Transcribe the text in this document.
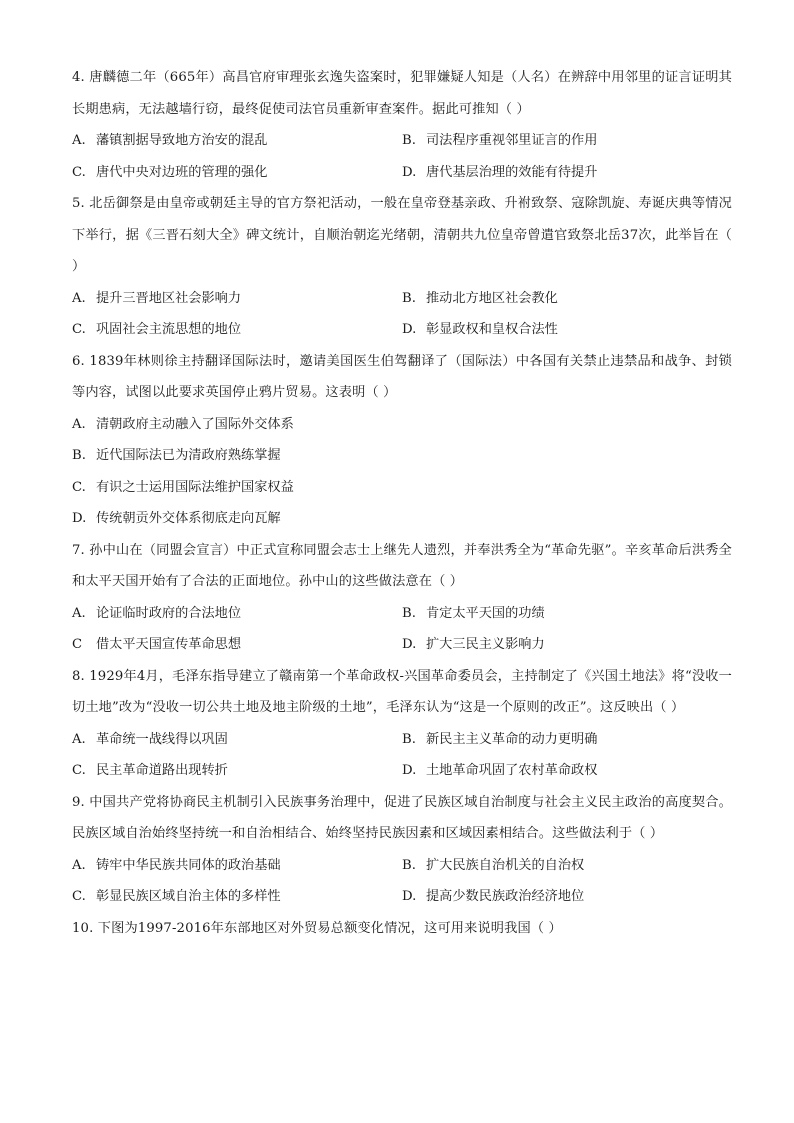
4. 唐麟德二年（665年）高昌官府审理张玄逸失盗案时，犯罪嫌疑人知是（人名）在辨辞中用邻里的证言证明其长期患病，无法越墙行窃，最终促使司法官员重新审查案件。据此可推知（ ）

A. 藩镇割据导致地方治安的混乱	B. 司法程序重视邻里证言的作用
C. 唐代中央对边班的管理的强化	D. 唐代基层治理的效能有待提升

5. 北岳御祭是由皇帝或朝廷主导的官方祭祀活动，一般在皇帝登基亲政、升祔致祭、寇除凯旋、寿诞庆典等情况下举行，据《三晋石刻大全》碑文统计，自顺治朝迄光绪朝，清朝共九位皇帝曾遣官致祭北岳37次，此举旨在（ ）

A. 提升三晋地区社会影响力	B. 推动北方地区社会教化
C. 巩固社会主流思想的地位	D. 彰显政权和皇权合法性

6. 1839年林则徐主持翻译国际法时，邀请美国医生伯驾翻译了（国际法）中各国有关禁止违禁品和战争、封锁等内容，试图以此要求英国停止鸦片贸易。这表明（ ）

A. 清朝政府主动融入了国际外交体系
B. 近代国际法已为清政府熟练掌握
C. 有识之士运用国际法维护国家权益
D. 传统朝贡外交体系彻底走向瓦解

7. 孙中山在（同盟会宣言）中正式宣称同盟会志士上继先人遗烈，并奉洪秀全为“革命先驱”。辛亥革命后洪秀全和太平天国开始有了合法的正面地位。孙中山的这些做法意在（ ）

A. 论证临时政府的合法地位	B. 肯定太平天国的功绩
C 借太平天国宣传革命思想	D. 扩大三民主义影响力

8. 1929年4月，毛泽东指导建立了赣南第一个革命政权-兴国革命委员会，主持制定了《兴国土地法》将“没收一切土地”改为“没收一切公共土地及地主阶级的土地”，毛泽东认为“这是一个原则的改正”。这反映出（ ）

A. 革命统一战线得以巩固	B. 新民主主义革命的动力更明确
C. 民主革命道路出现转折	D. 土地革命巩固了农村革命政权

9. 中国共产党将协商民主机制引入民族事务治理中，促进了民族区域自治制度与社会主义民主政治的高度契合。民族区域自治始终坚持统一和自治相结合、始终坚持民族因素和区域因素相结合。这些做法利于（ ）

A. 铸牢中华民族共同体的政治基础	B. 扩大民族自治机关的自治权
C. 彰显民族区域自治主体的多样性	D. 提高少数民族政治经济地位

10. 下图为1997-2016年东部地区对外贸易总额变化情况，这可用来说明我国（ ）
